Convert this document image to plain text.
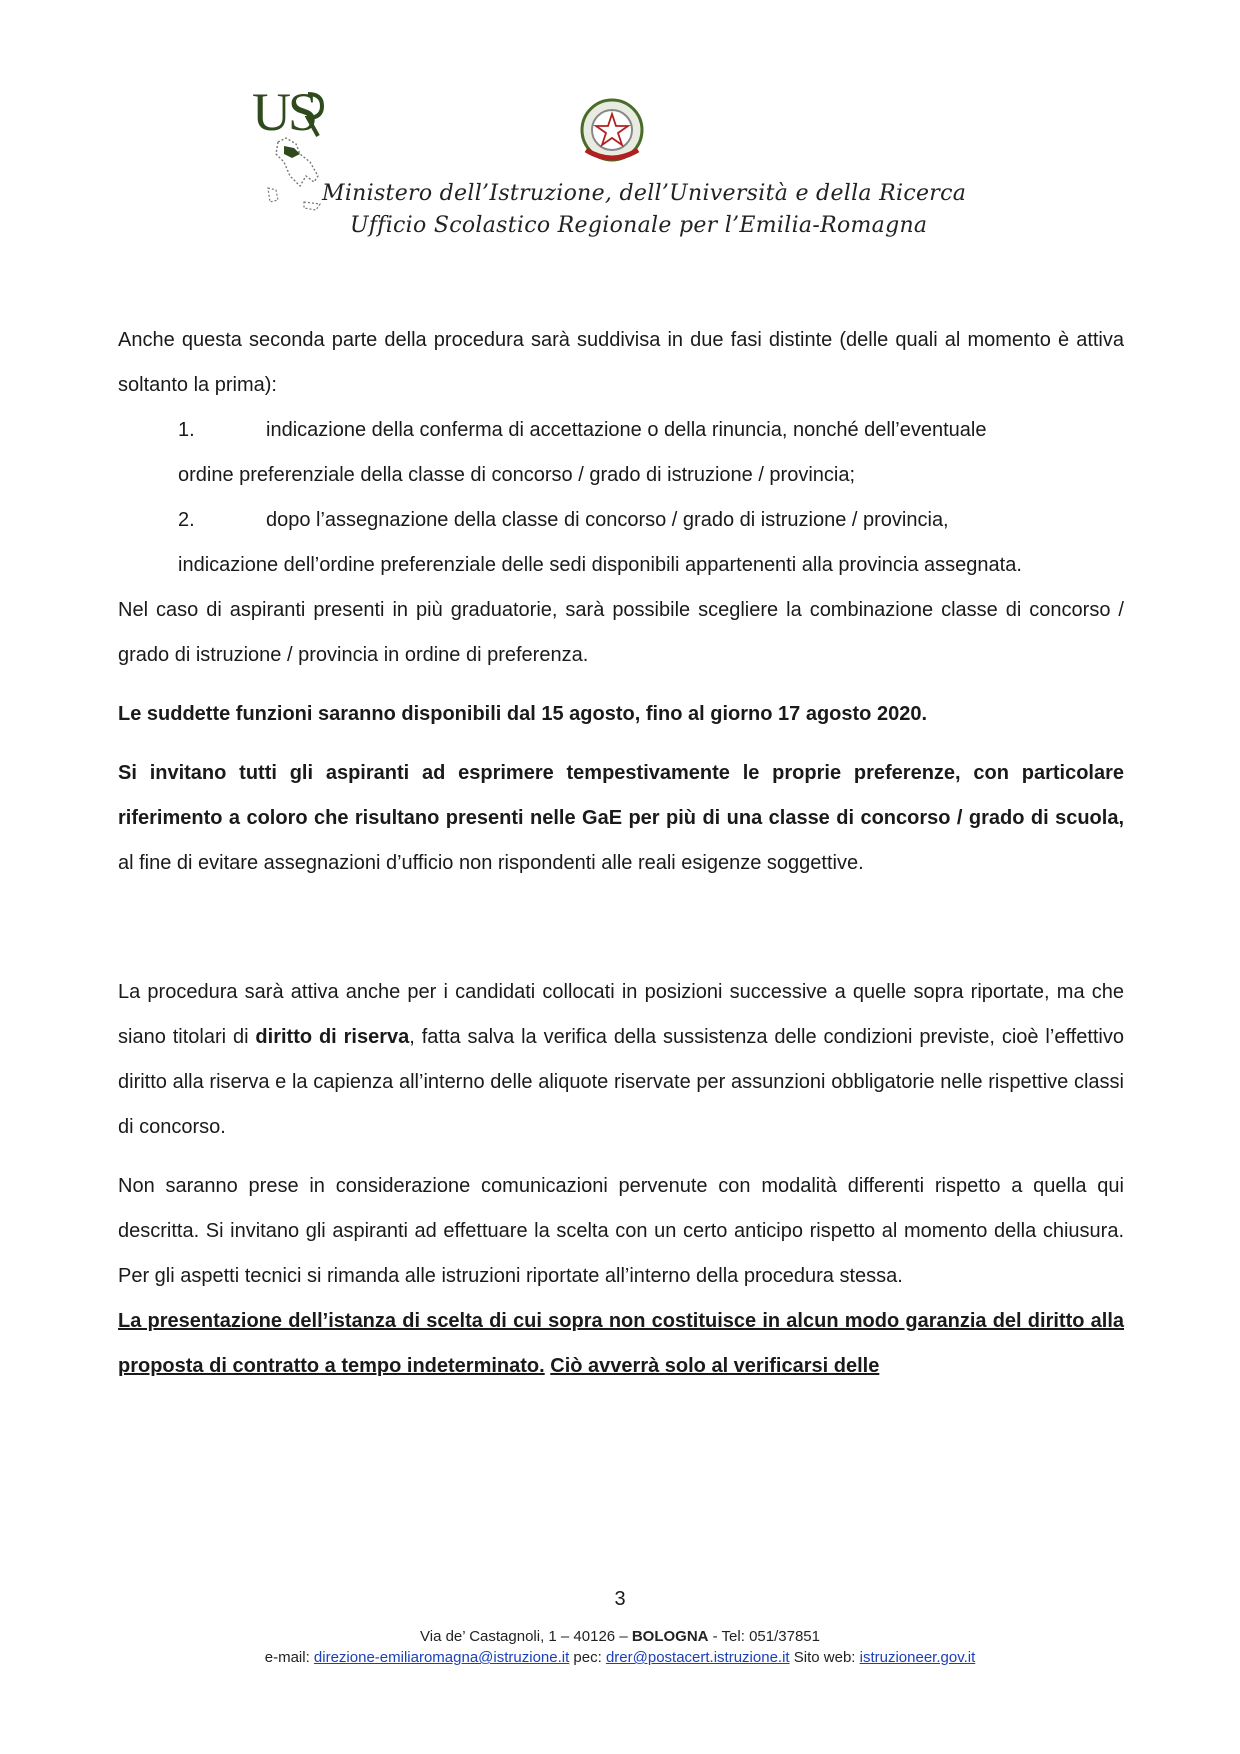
US
Ministero dell’Istruzione, dell’Università e della Ricerca
Ufficio Scolastico Regionale per l’Emilia-Romagna

Anche questa seconda parte della procedura sarà suddivisa in due fasi distinte (delle quali al momento è attiva soltanto la prima):

1.	indicazione della conferma di accettazione o della rinuncia, nonché dell’eventuale
ordine preferenziale della classe di concorso / grado di istruzione / provincia;
2.	dopo l’assegnazione della classe di concorso / grado di istruzione / provincia,
indicazione dell’ordine preferenziale delle sedi disponibili appartenenti alla provincia assegnata.

Nel caso di aspiranti presenti in più graduatorie, sarà possibile scegliere la combinazione classe di concorso / grado di istruzione / provincia in ordine di preferenza.

Le suddette funzioni saranno disponibili dal 15 agosto, fino al giorno 17 agosto 2020.

Si invitano tutti gli aspiranti ad esprimere tempestivamente le proprie preferenze, con particolare riferimento a coloro che risultano presenti nelle GaE per più di una classe di concorso / grado di scuola, al fine di evitare assegnazioni d’ufficio non rispondenti alle reali esigenze soggettive.

La procedura sarà attiva anche per i candidati collocati in posizioni successive a quelle sopra riportate, ma che siano titolari di diritto di riserva, fatta salva la verifica della sussistenza delle condizioni previste, cioè l’effettivo diritto alla riserva e la capienza all’interno delle aliquote riservate per assunzioni obbligatorie nelle rispettive classi di concorso.

Non saranno prese in considerazione comunicazioni pervenute con modalità differenti rispetto a quella qui descritta. Si invitano gli aspiranti ad effettuare la scelta con un certo anticipo rispetto al momento della chiusura. Per gli aspetti tecnici si rimanda alle istruzioni riportate all’interno della procedura stessa.

La presentazione dell’istanza di scelta di cui sopra non costituisce in alcun modo garanzia del diritto alla proposta di contratto a tempo indeterminato. Ciò avverrà solo al verificarsi delle

3
Via de’ Castagnoli, 1 – 40126 – BOLOGNA - Tel: 051/37851
e-mail: direzione-emiliaromagna@istruzione.it pec: drer@postacert.istruzione.it Sito web: istruzioneer.gov.it
